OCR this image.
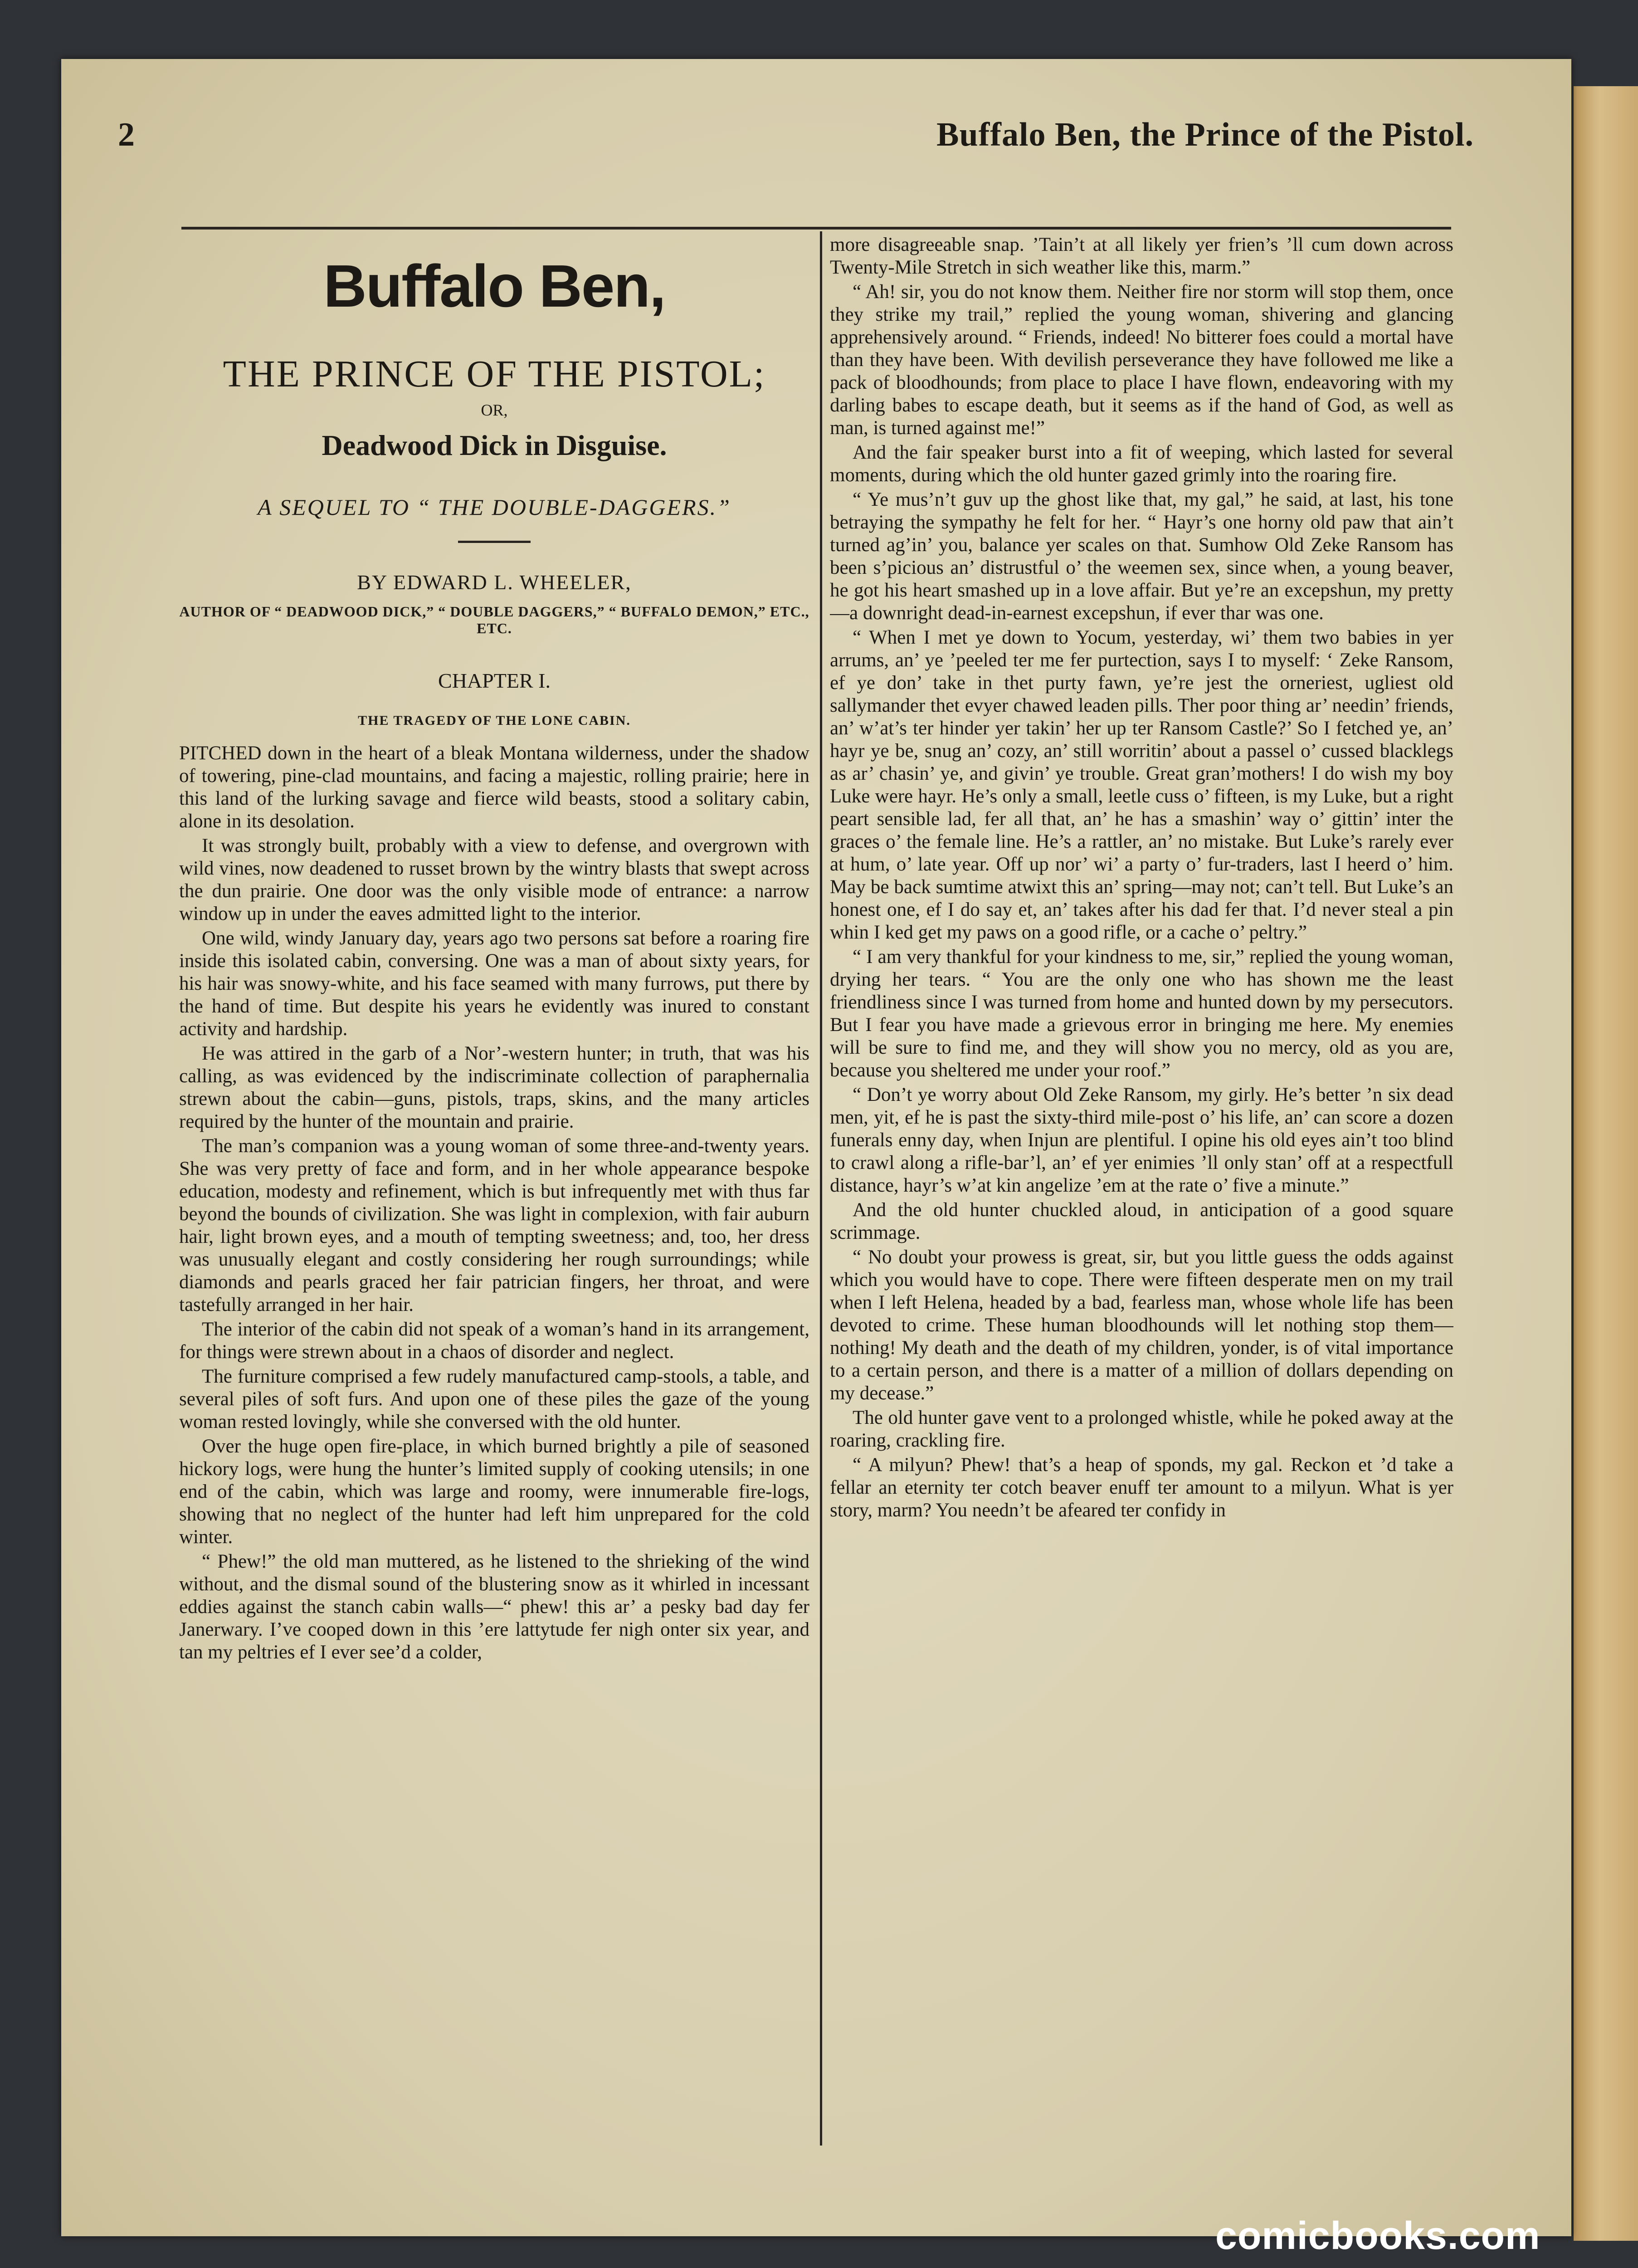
2	Buffalo Ben, the Prince of the Pistol.
Buffalo Ben,
THE PRINCE OF THE PISTOL;
OR,
Deadwood Dick in Disguise.
A SEQUEL TO “ THE DOUBLE-DAGGERS.”
BY EDWARD L. WHEELER,
AUTHOR OF “ DEADWOOD DICK,” “ DOUBLE DAGGERS,” “ BUFFALO DEMON,” ETC., ETC.
CHAPTER I.
THE TRAGEDY OF THE LONE CABIN.

PITCHED down in the heart of a bleak Montana wilderness, under the shadow of towering, pine-clad mountains, and facing a majestic, rolling prairie; here in this land of the lurking savage and fierce wild beasts, stood a solitary cabin, alone in its desolation.

It was strongly built, probably with a view to defense, and overgrown with wild vines, now deadened to russet brown by the wintry blasts that swept across the dun prairie. One door was the only visible mode of entrance: a narrow window up in under the eaves admitted light to the interior.

One wild, windy January day, years ago two persons sat before a roaring fire inside this isolated cabin, conversing. One was a man of about sixty years, for his hair was snowy-white, and his face seamed with many furrows, put there by the hand of time. But despite his years he evidently was inured to constant activity and hardship.

He was attired in the garb of a Nor’-western hunter; in truth, that was his calling, as was evidenced by the indiscriminate collection of paraphernalia strewn about the cabin—guns, pistols, traps, skins, and the many articles required by the hunter of the mountain and prairie.

The man’s companion was a young woman of some three-and-twenty years. She was very pretty of face and form, and in her whole appearance bespoke education, modesty and refinement, which is but infrequently met with thus far beyond the bounds of civilization. She was light in complexion, with fair auburn hair, light brown eyes, and a mouth of tempting sweetness; and, too, her dress was unusually elegant and costly considering her rough surroundings; while diamonds and pearls graced her fair patrician fingers, her throat, and were tastefully arranged in her hair.

The interior of the cabin did not speak of a woman’s hand in its arrangement, for things were strewn about in a chaos of disorder and neglect.

The furniture comprised a few rudely manufactured camp-stools, a table, and several piles of soft furs. And upon one of these piles the gaze of the young woman rested lovingly, while she conversed with the old hunter.

Over the huge open fire-place, in which burned brightly a pile of seasoned hickory logs, were hung the hunter’s limited supply of cooking utensils; in one end of the cabin, which was large and roomy, were innumerable fire-logs, showing that no neglect of the hunter had left him unprepared for the cold winter.

“ Phew!” the old man muttered, as he listened to the shrieking of the wind without, and the dismal sound of the blustering snow as it whirled in incessant eddies against the stanch cabin walls—“ phew! this ar’ a pesky bad day fer Janerwary. I’ve cooped down in this ’ere lattytude fer nigh onter six year, and tan my peltries ef I ever see’d a colder,

more disagreeable snap. ’Tain’t at all likely yer frien’s ’ll cum down across Twenty-Mile Stretch in sich weather like this, marm.”

“ Ah! sir, you do not know them. Neither fire nor storm will stop them, once they strike my trail,” replied the young woman, shivering and glancing apprehensively around. “ Friends, indeed! No bitterer foes could a mortal have than they have been. With devilish perseverance they have followed me like a pack of bloodhounds; from place to place I have flown, endeavoring with my darling babes to escape death, but it seems as if the hand of God, as well as man, is turned against me!”

And the fair speaker burst into a fit of weeping, which lasted for several moments, during which the old hunter gazed grimly into the roaring fire.

“ Ye mus’n’t guv up the ghost like that, my gal,” he said, at last, his tone betraying the sympathy he felt for her. “ Hayr’s one horny old paw that ain’t turned ag’in’ you, balance yer scales on that. Sumhow Old Zeke Ransom has been s’picious an’ distrustful o’ the weemen sex, since when, a young beaver, he got his heart smashed up in a love affair. But ye’re an excepshun, my pretty—a downright dead-in-earnest excepshun, if ever thar was one.

“ When I met ye down to Yocum, yesterday, wi’ them two babies in yer arrums, an’ ye ’peeled ter me fer purtection, says I to myself: ‘ Zeke Ransom, ef ye don’ take in thet purty fawn, ye’re jest the orneriest, ugliest old sallymander thet evyer chawed leaden pills. Ther poor thing ar’ needin’ friends, an’ w’at’s ter hinder yer takin’ her up ter Ransom Castle?’ So I fetched ye, an’ hayr ye be, snug an’ cozy, an’ still worritin’ about a passel o’ cussed blacklegs as ar’ chasin’ ye, and givin’ ye trouble. Great gran’mothers! I do wish my boy Luke were hayr. He’s only a small, leetle cuss o’ fifteen, is my Luke, but a right peart sensible lad, fer all that, an’ he has a smashin’ way o’ gittin’ inter the graces o’ the female line. He’s a rattler, an’ no mistake. But Luke’s rarely ever at hum, o’ late year. Off up nor’ wi’ a party o’ fur-traders, last I heerd o’ him. May be back sumtime atwixt this an’ spring—may not; can’t tell. But Luke’s an honest one, ef I do say et, an’ takes after his dad fer that. I’d never steal a pin whin I ked get my paws on a good rifle, or a cache o’ peltry.”

“ I am very thankful for your kindness to me, sir,” replied the young woman, drying her tears. “ You are the only one who has shown me the least friendliness since I was turned from home and hunted down by my persecutors. But I fear you have made a grievous error in bringing me here. My enemies will be sure to find me, and they will show you no mercy, old as you are, because you sheltered me under your roof.”

“ Don’t ye worry about Old Zeke Ransom, my girly. He’s better ’n six dead men, yit, ef he is past the sixty-third mile-post o’ his life, an’ can score a dozen funerals enny day, when Injun are plentiful. I opine his old eyes ain’t too blind to crawl along a rifle-bar’l, an’ ef yer enimies ’ll only stan’ off at a respectfull distance, hayr’s w’at kin angelize ’em at the rate o’ five a minute.”

And the old hunter chuckled aloud, in anticipation of a good square scrimmage.

“ No doubt your prowess is great, sir, but you little guess the odds against which you would have to cope. There were fifteen desperate men on my trail when I left Helena, headed by a bad, fearless man, whose whole life has been devoted to crime. These human bloodhounds will let nothing stop them—nothing! My death and the death of my children, yonder, is of vital importance to a certain person, and there is a matter of a million of dollars depending on my decease.”

The old hunter gave vent to a prolonged whistle, while he poked away at the roaring, crackling fire.

“ A milyun? Phew! that’s a heap of sponds, my gal. Reckon et ’d take a fellar an eternity ter cotch beaver enuff ter amount to a milyun. What is yer story, marm? You needn’t be afeared ter confidy in

comicbooks.com
